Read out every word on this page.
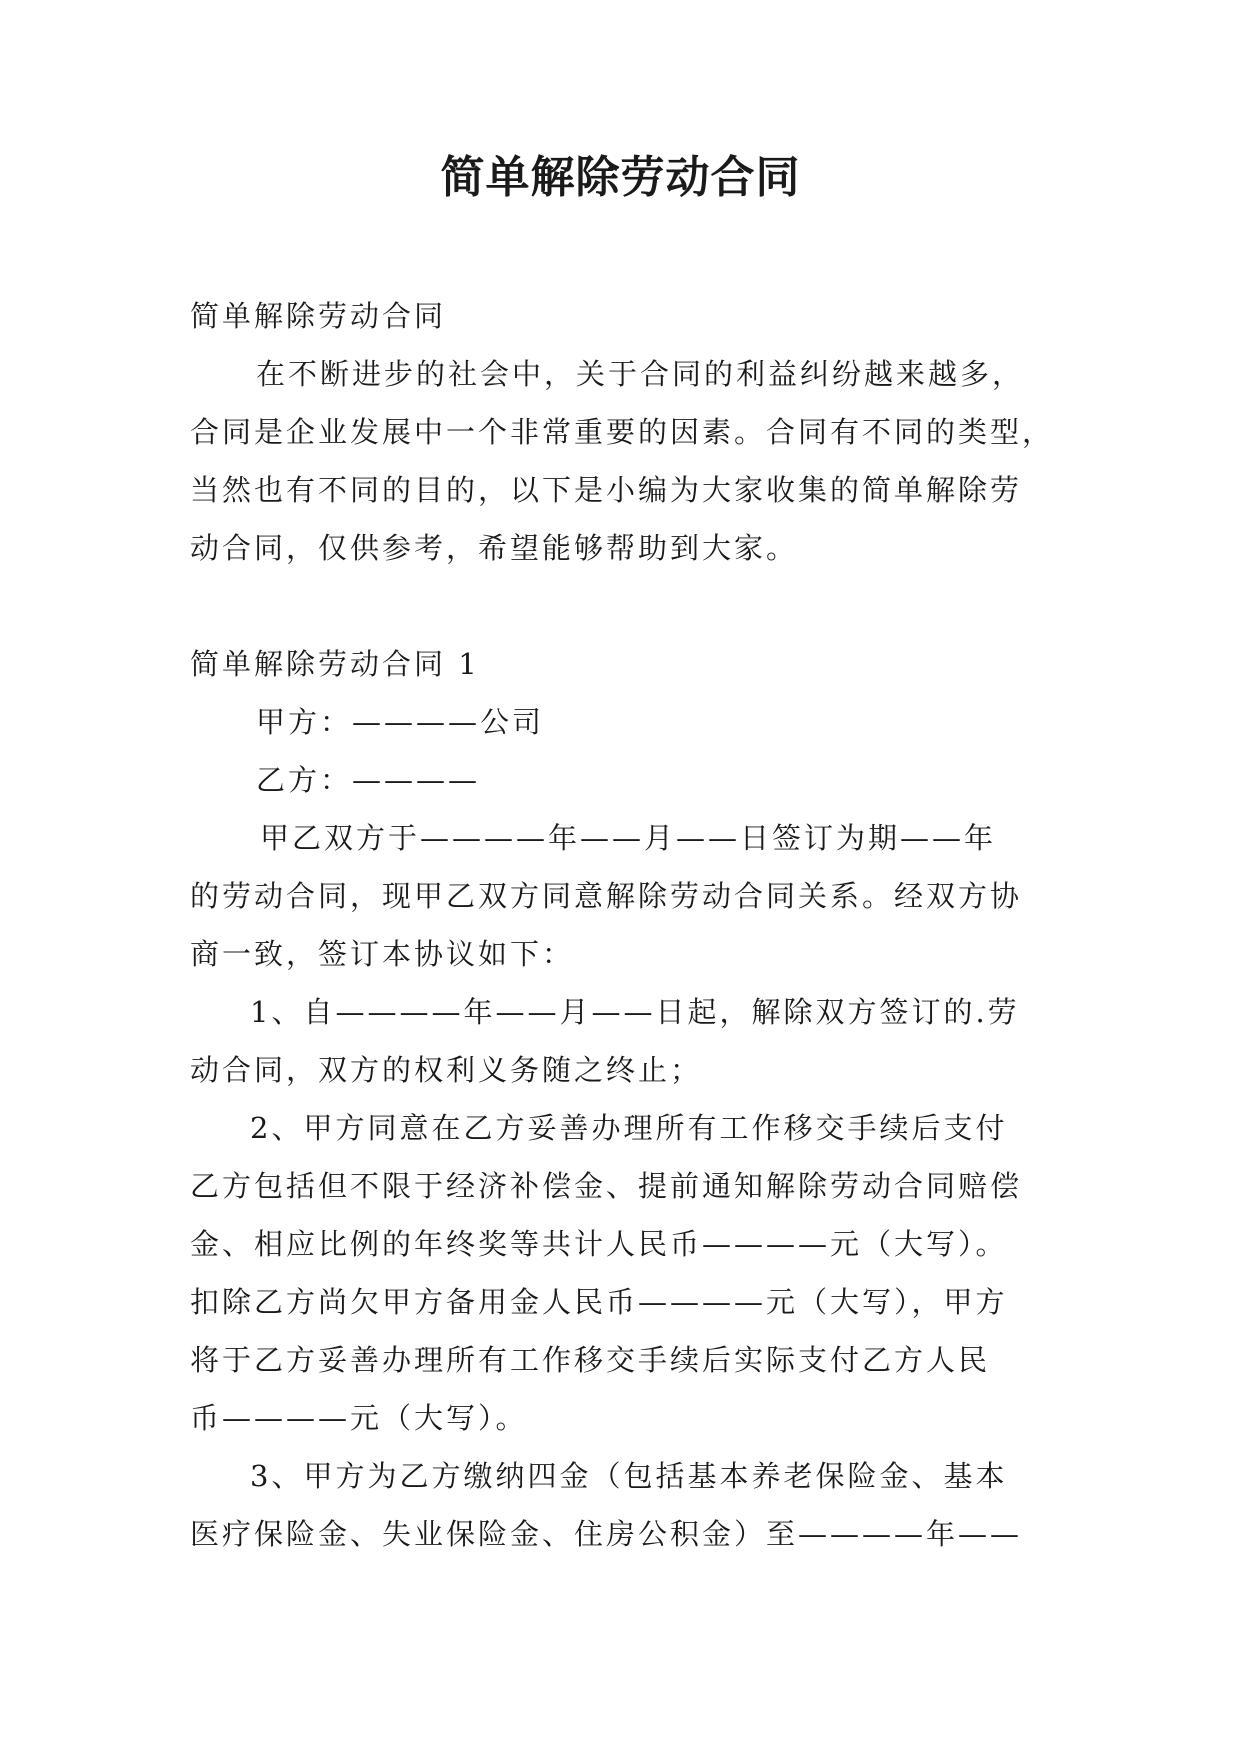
简单解除劳动合同
简单解除劳动合同
在不断进步的社会中，关于合同的利益纠纷越来越多，
合同是企业发展中一个非常重要的因素。合同有不同的类型，
当然也有不同的目的，以下是小编为大家收集的简单解除劳
动合同，仅供参考，希望能够帮助到大家。
简单解除劳动合同 1
甲方：————公司
乙方：————
甲乙双方于————年——月——日签订为期——年
的劳动合同，现甲乙双方同意解除劳动合同关系。经双方协
商一致，签订本协议如下：
1、自————年——月——日起，解除双方签订的.劳
动合同，双方的权利义务随之终止；
2、甲方同意在乙方妥善办理所有工作移交手续后支付
乙方包括但不限于经济补偿金、提前通知解除劳动合同赔偿
金、相应比例的年终奖等共计人民币————元（大写）。
扣除乙方尚欠甲方备用金人民币————元（大写），甲方
将于乙方妥善办理所有工作移交手续后实际支付乙方人民
币————元（大写）。
3、甲方为乙方缴纳四金（包括基本养老保险金、基本
医疗保险金、失业保险金、住房公积金）至————年——
